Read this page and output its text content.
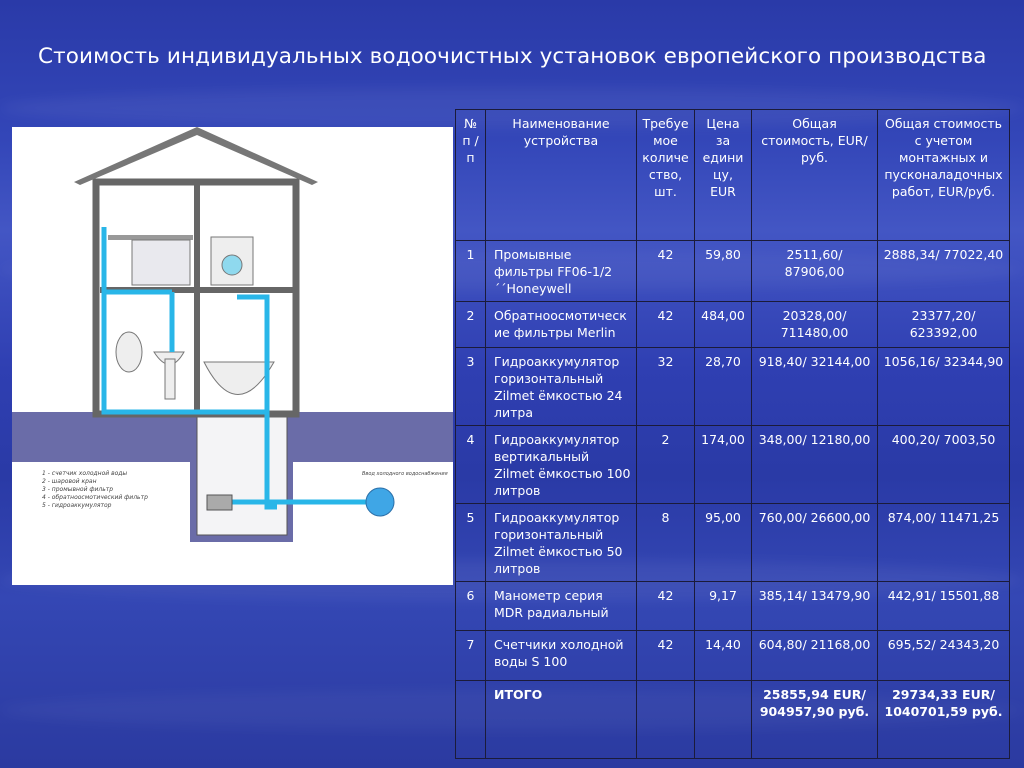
Стоимость индивидуальных водоочистных установок европейского производства
1 - счетчик холодной воды
2 - шаровой кран
3 - промывной фильтр
4 - обратноосмотический фильтр
5 - гидроаккумулятор
Ввод холодного водоснабжения
№ п / п	Наименование устройства	Требуемое количество, шт.	Цена за единицу, EUR	Общая стоимость, EUR/руб.	Общая стоимость с учетом монтажных и пусконаладочных работ, EUR/руб.
1	Промывные фильтры FF06-1/2´´Honeywell	42	59,80	2511,60/ 87906,00	2888,34/ 77022,40
2	Обратноосмотические фильтры Merlin	42	484,00	20328,00/ 711480,00	23377,20/ 623392,00
3	Гидроаккумулятор горизонтальный Zilmet ёмкостью 24 литра	32	28,70	918,40/ 32144,00	1056,16/ 32344,90
4	Гидроаккумулятор вертикальный Zilmet ёмкостью 100 литров	2	174,00	348,00/ 12180,00	400,20/ 7003,50
5	Гидроаккумулятор горизонтальный Zilmet ёмкостью 50 литров	8	95,00	760,00/ 26600,00	874,00/ 11471,25
6	Манометр серия MDR радиальный	42	9,17	385,14/ 13479,90	442,91/ 15501,88
7	Счетчики холодной воды S 100	42	14,40	604,80/ 21168,00	695,52/ 24343,20
	ИТОГО			25855,94 EUR/ 904957,90 руб.	29734,33 EUR/ 1040701,59 руб.
